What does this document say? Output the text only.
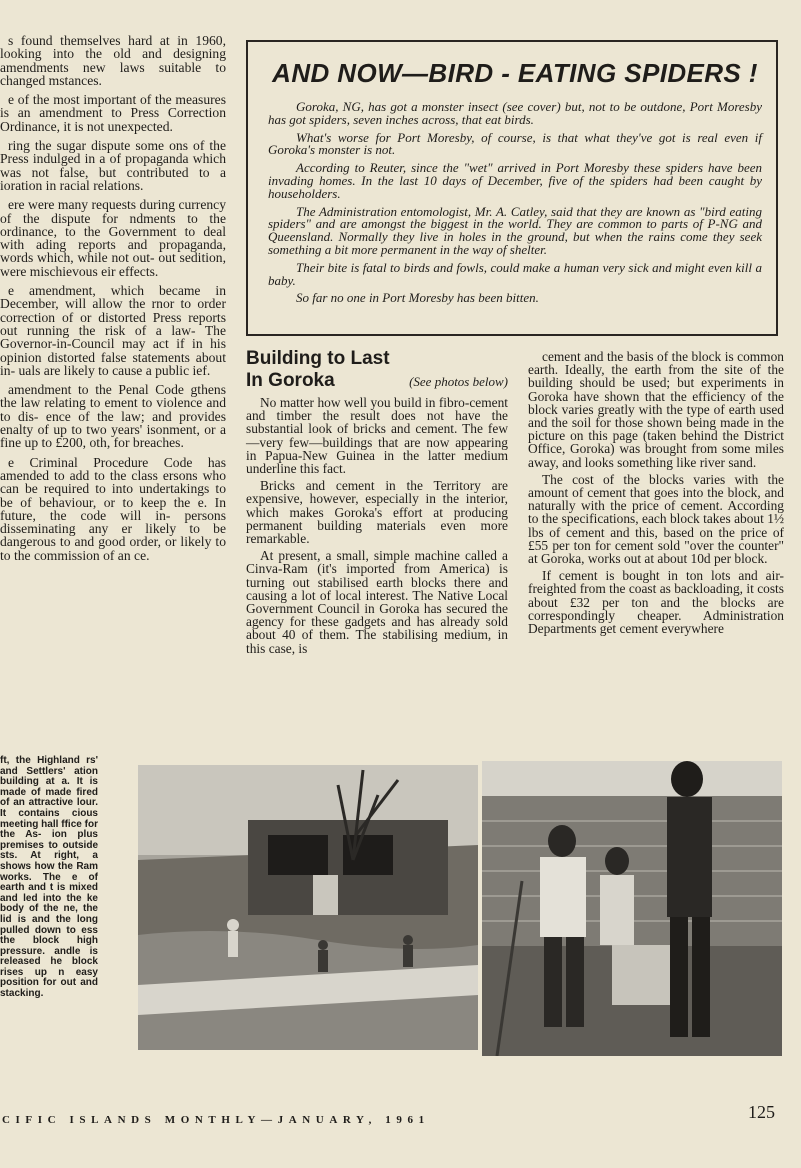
s found themselves hard at in 1960, looking into the old and designing amendments new laws suitable to changed mstances.

e of the most important of the measures is an amendment to Press Correction Ordinance, it is not unexpected.

ring the sugar dispute some ons of the Press indulged in a of propaganda which was not false, but contributed to a ioration in racial relations.

ere were many requests during currency of the dispute for ndments to the ordinance, to the Government to deal with ading reports and propaganda, words which, while not out- out sedition, were mischievous eir effects.

e amendment, which became in December, will allow the rnor to order correction of or distorted Press reports out running the risk of a law- The Governor-in-Council may act if in his opinion distorted false statements about in- uals are likely to cause a public ief.

amendment to the Penal Code gthens the law relating to ement to violence and to dis- ence of the law; and provides enalty of up to two years' isonment, or a fine up to £200, oth, for breaches.

e Criminal Procedure Code has amended to add to the class ersons who can be required to into undertakings to be of behaviour, or to keep the e. In future, the code will in- persons disseminating any er likely to be dangerous to and good order, or likely to to the commission of an ce.

AND NOW—BIRD - EATING SPIDERS !

Goroka, NG, has got a monster insect (see cover) but, not to be outdone, Port Moresby has got spiders, seven inches across, that eat birds.

What's worse for Port Moresby, of course, is that what they've got is real even if Goroka's monster is not.

According to Reuter, since the "wet" arrived in Port Moresby these spiders have been invading homes. In the last 10 days of December, five of the spiders had been caught by householders.

The Administration entomologist, Mr. A. Catley, said that they are known as "bird eating spiders" and are amongst the biggest in the world. They are common to parts of P-NG and Queensland. Normally they live in holes in the ground, but when the rains come they seek something a bit more permanent in the way of shelter.

Their bite is fatal to birds and fowls, could make a human very sick and might even kill a baby.

So far no one in Port Moresby has been bitten.

Building to Last
In Goroka	(See photos below)

No matter how well you build in fibro-cement and timber the result does not have the substantial look of bricks and cement. The few—very few—buildings that are now appearing in Papua-New Guinea in the latter medium underline this fact.

Bricks and cement in the Territory are expensive, however, especially in the interior, which makes Goroka's effort at producing permanent building materials even more remarkable.

At present, a small, simple machine called a Cinva-Ram (it's imported from America) is turning out stabilised earth blocks there and causing a lot of local interest. The Native Local Government Council in Goroka has secured the agency for these gadgets and has already sold about 40 of them. The stabilising medium, in this case, is

cement and the basis of the block is common earth. Ideally, the earth from the site of the building should be used; but experiments in Goroka have shown that the efficiency of the block varies greatly with the type of earth used and the soil for those shown being made in the picture on this page (taken behind the District Office, Goroka) was brought from some miles away, and looks something like river sand.

The cost of the blocks varies with the amount of cement that goes into the block, and naturally with the price of cement. According to the specifications, each block takes about 1½ lbs of cement and this, based on the price of £55 per ton for cement sold "over the counter" at Goroka, works out at about 10d per block.

If cement is bought in ton lots and air-freighted from the coast as backloading, it costs about £32 per ton and the blocks are correspondingly cheaper. Administration Departments get cement everywhere

ft, the Highland rs' and Settlers' ation building at a. It is made of made fired of an attractive lour. It contains cious meeting hall ffice for the As- ion plus premises to outside sts. At right, a shows how the Ram works. The e of earth and t is mixed and led into the ke body of the ne, the lid is and the long pulled down to ess the block high pressure. andle is released he block rises up n easy position for out and stacking.
CIFIC ISLANDS MONTHLY—JANUARY, 1961	125
